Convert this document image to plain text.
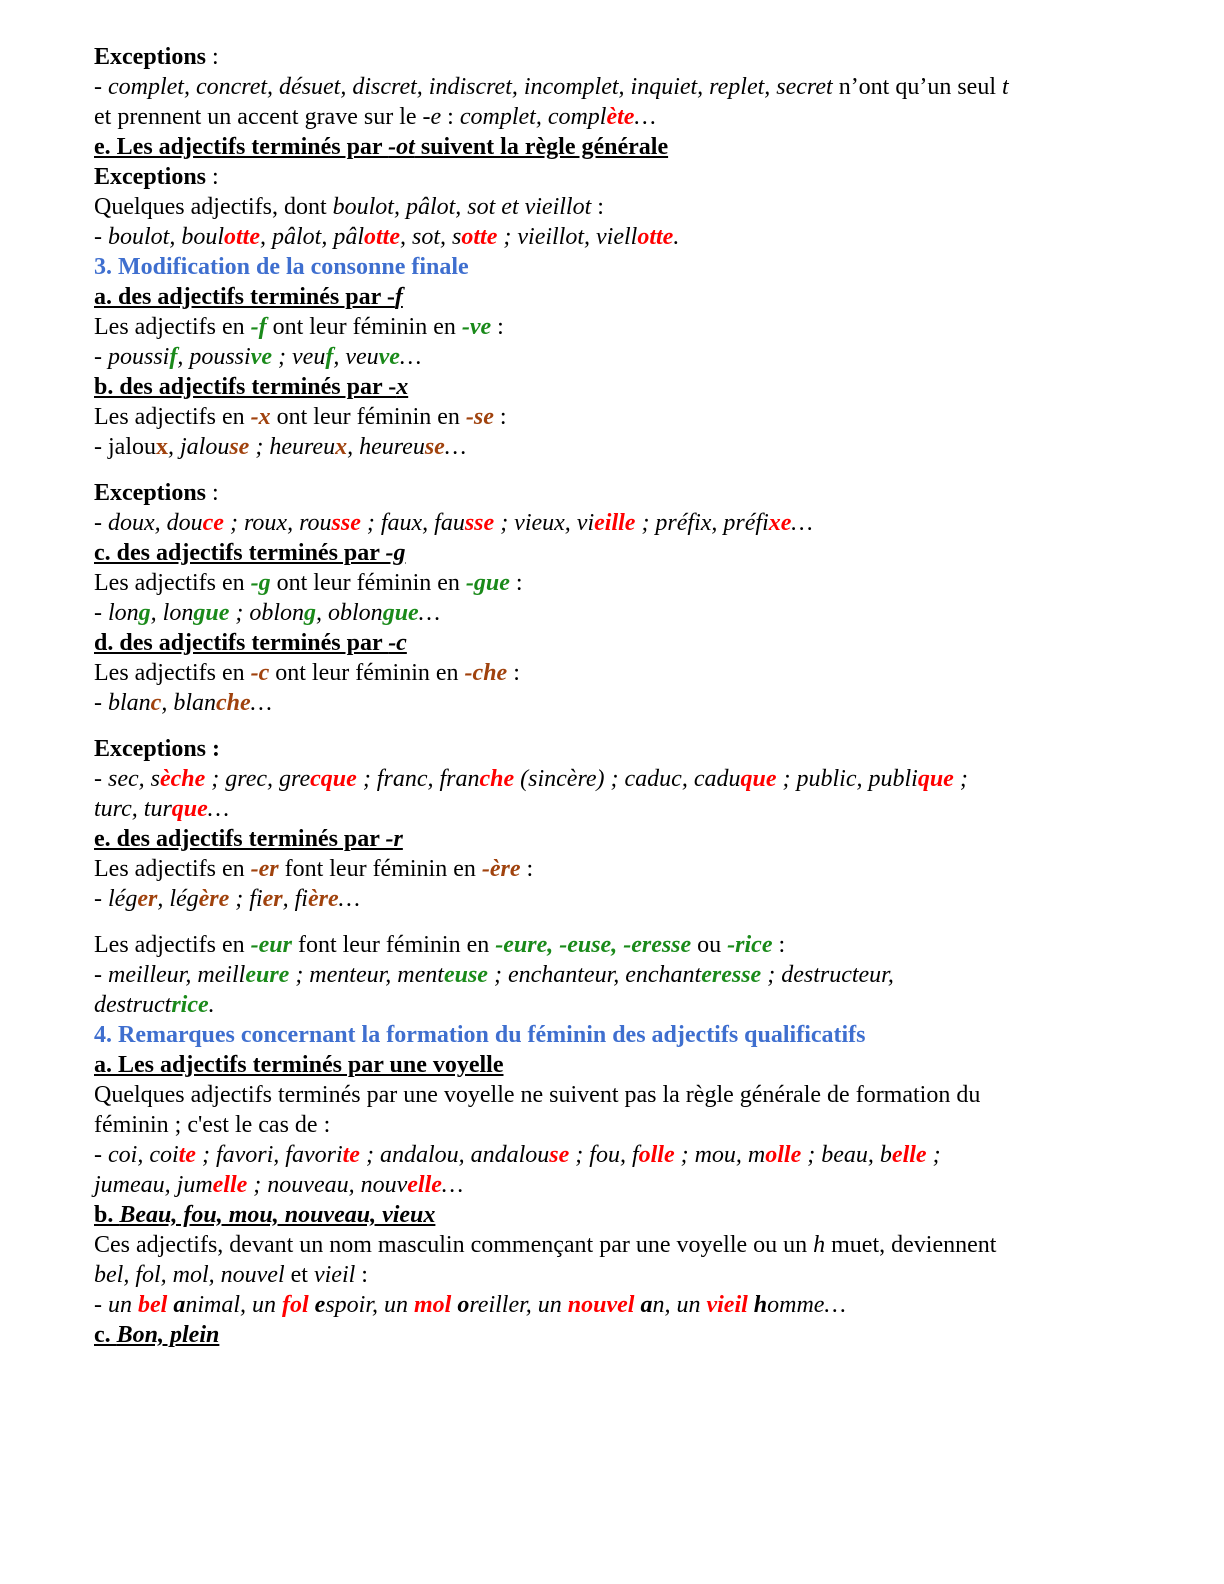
Exceptions :
- complet, concret, désuet, discret, indiscret, incomplet, inquiet, replet, secret n’ont qu’un seul t
et prennent un accent grave sur le -e : complet, complète…
e. Les adjectifs terminés par -ot suivent la règle générale
Exceptions :
Quelques adjectifs, dont boulot, pâlot, sot et vieillot :
- boulot, boulotte, pâlot, pâlotte, sot, sotte ; vieillot, viellotte.
3. Modification de la consonne finale
a. des adjectifs terminés par -f
Les adjectifs en -f ont leur féminin en -ve :
- poussif, poussive ; veuf, veuve…
b. des adjectifs terminés par -x
Les adjectifs en -x ont leur féminin en -se :
- jaloux, jalouse ; heureux, heureuse…
Exceptions :
- doux, douce ; roux, rousse ; faux, fausse ; vieux, vieille ; préfix, préfixe…
c. des adjectifs terminés par -g
Les adjectifs en -g ont leur féminin en -gue :
- long, longue ; oblong, oblongue…
d. des adjectifs terminés par -c
Les adjectifs en -c ont leur féminin en -che :
- blanc, blanche…
Exceptions :
- sec, sèche ; grec, grecque ; franc, franche (sincère) ; caduc, caduque ; public, publique ;
turc, turque…
e. des adjectifs terminés par -r
Les adjectifs en -er font leur féminin en -ère :
- léger, légère ; fier, fière…
Les adjectifs en -eur font leur féminin en -eure, -euse, -eresse ou -rice :
- meilleur, meilleure ; menteur, menteuse ; enchanteur, enchanteresse ; destructeur,
destructrice.
4. Remarques concernant la formation du féminin des adjectifs qualificatifs
a. Les adjectifs terminés par une voyelle
Quelques adjectifs terminés par une voyelle ne suivent pas la règle générale de formation du
féminin ; c'est le cas de :
- coi, coite ; favori, favorite ; andalou, andalouse ; fou, folle ; mou, molle ; beau, belle ;
jumeau, jumelle ; nouveau, nouvelle…
b. Beau, fou, mou, nouveau, vieux
Ces adjectifs, devant un nom masculin commençant par une voyelle ou un h muet, deviennent
bel, fol, mol, nouvel et vieil :
- un bel animal, un fol espoir, un mol oreiller, un nouvel an, un vieil homme…
c. Bon, plein
